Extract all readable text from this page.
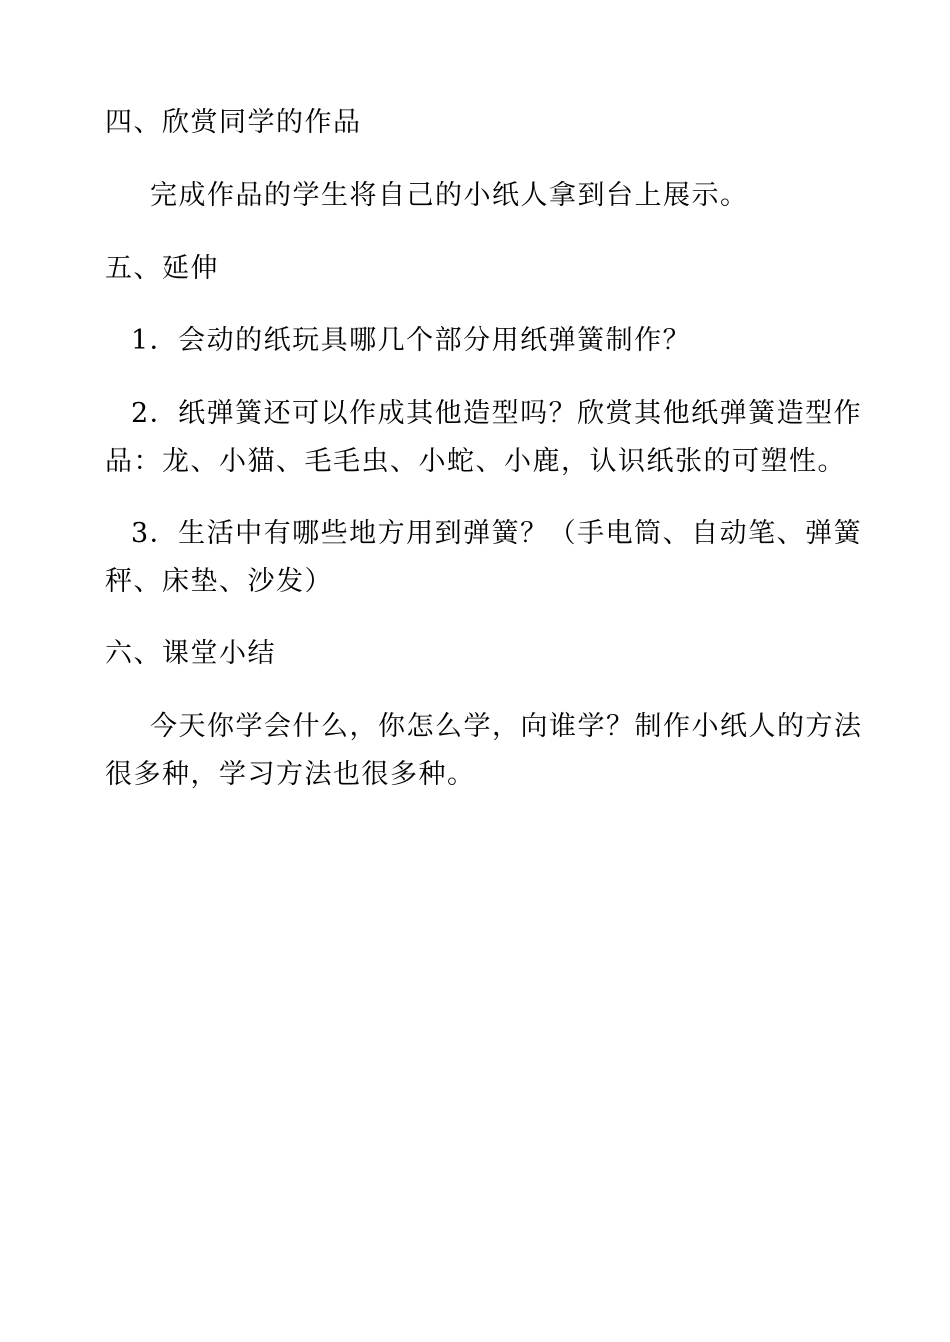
四、欣赏同学的作品
完成作品的学生将自己的小纸人拿到台上展示。
五、延伸
1．会动的纸玩具哪几个部分用纸弹簧制作？
2．纸弹簧还可以作成其他造型吗？欣赏其他纸弹簧造型作
品：龙、小猫、毛毛虫、小蛇、小鹿，认识纸张的可塑性。
3．生活中有哪些地方用到弹簧？（手电筒、自动笔、弹簧
秤、床垫、沙发）
六、课堂小结
今天你学会什么，你怎么学，向谁学？制作小纸人的方法
很多种，学习方法也很多种。
